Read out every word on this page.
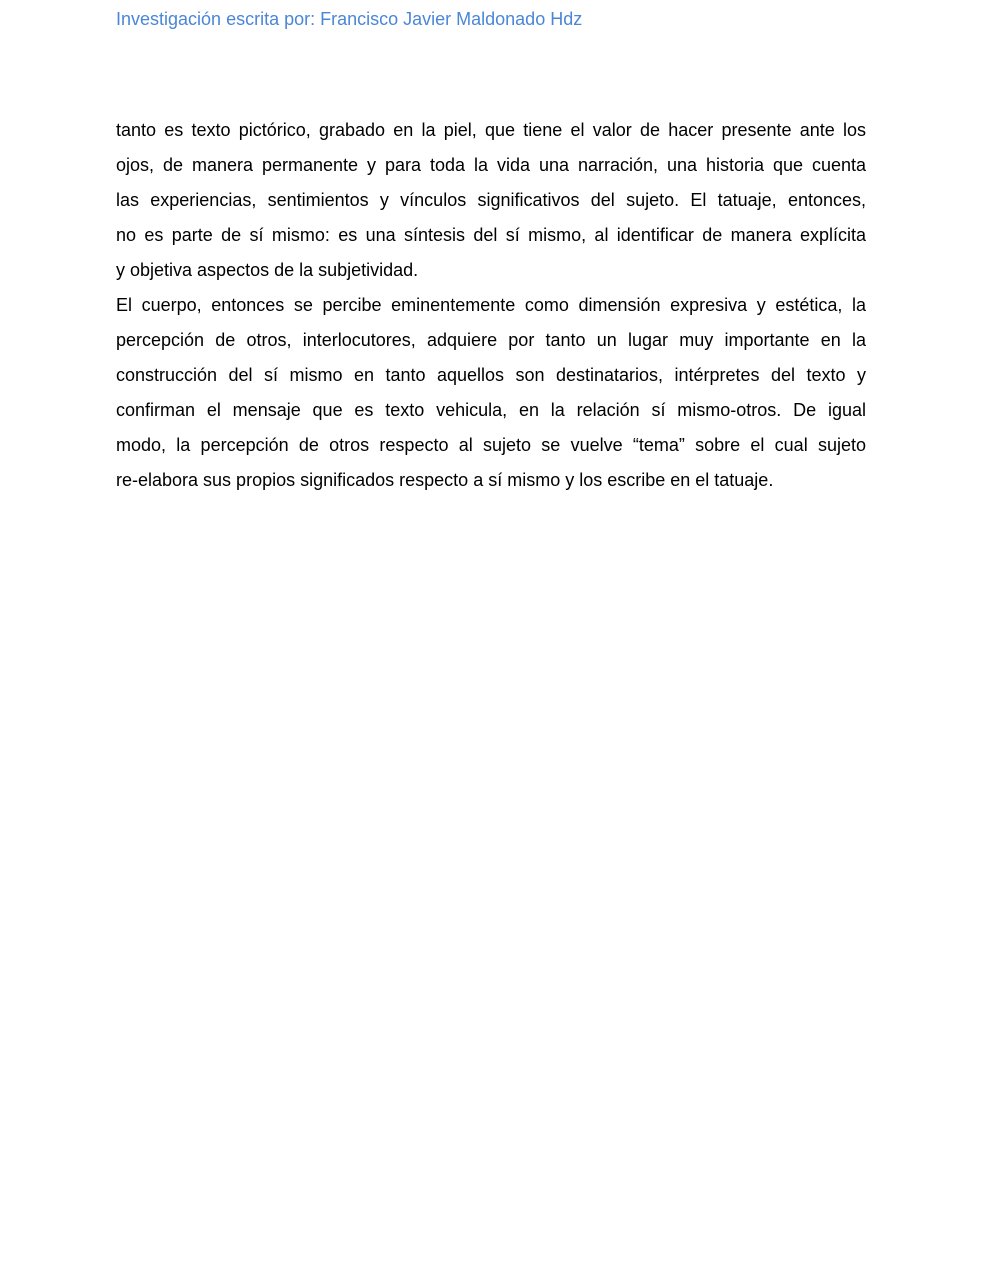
Investigación escrita por: Francisco Javier Maldonado Hdz
tanto es texto pictórico, grabado en la piel, que tiene el valor de hacer presente ante los
ojos, de manera permanente y para toda la vida una narración, una historia que cuenta
las experiencias, sentimientos y vínculos significativos del sujeto. El tatuaje, entonces,
no es parte de sí mismo: es una síntesis del sí mismo, al identificar de manera explícita
y objetiva aspectos de la subjetividad.
El cuerpo, entonces se percibe eminentemente como dimensión expresiva y estética, la
percepción de otros, interlocutores, adquiere por tanto un lugar muy importante en la
construcción del sí mismo en tanto aquellos son destinatarios, intérpretes del texto y
confirman el mensaje que es texto vehicula, en la relación sí mismo-otros. De igual
modo, la percepción de otros respecto al sujeto se vuelve “tema” sobre el cual sujeto
re-elabora sus propios significados respecto a sí mismo y los escribe en el tatuaje.
